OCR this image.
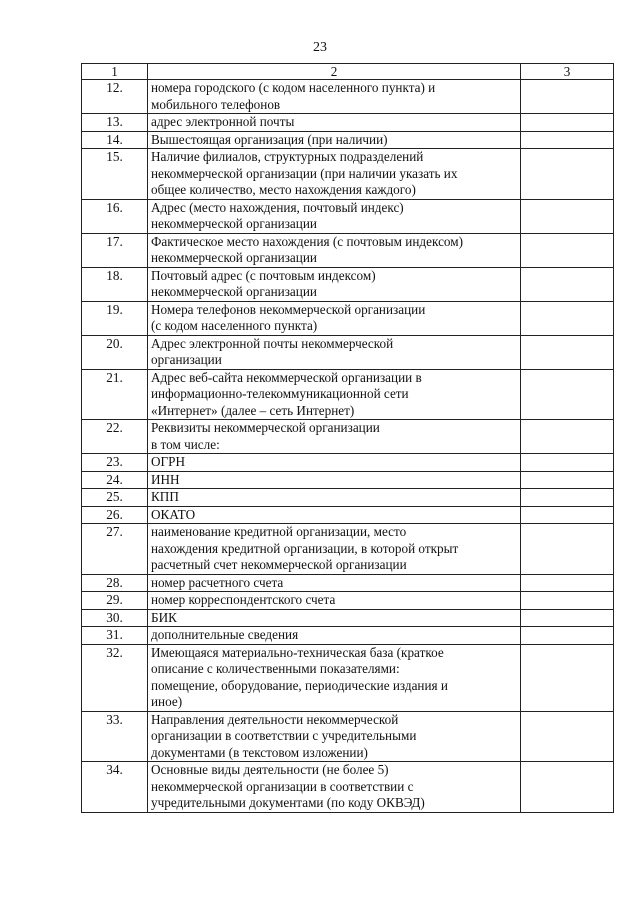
23
1	2	3
12.	номера городского (с кодом населенного пункта) и
мобильного телефонов	

13.	адрес электронной почты	

14.	Вышестоящая организация (при наличии)	

15.	Наличие филиалов, структурных подразделений
некоммерческой организации (при наличии указать их
общее количество, место нахождения каждого)	

16.	Адрес (место нахождения, почтовый индекс)
некоммерческой организации	

17.	Фактическое место нахождения (с почтовым индексом)
некоммерческой организации	

18.	Почтовый адрес (с почтовым индексом)
некоммерческой организации	

19.	Номера телефонов некоммерческой организации
(с кодом населенного пункта)	

20.	Адрес электронной почты некоммерческой
организации	

21.	Адрес веб-сайта некоммерческой организации в
информационно-телекоммуникационной сети
«Интернет» (далее – сеть Интернет)	

22.	Реквизиты некоммерческой организации
в том числе:	

23.	ОГРН	

24.	ИНН	

25.	КПП	

26.	ОКАТО	

27.	наименование кредитной организации, место
нахождения кредитной организации, в которой открыт
расчетный счет некоммерческой организации	

28.	номер расчетного счета	

29.	номер корреспондентского счета	

30.	БИК	

31.	дополнительные сведения	

32.	Имеющаяся материально-техническая база (краткое
описание с количественными показателями:
помещение, оборудование, периодические издания и
иное)	

33.	Направления деятельности некоммерческой
организации в соответствии с учредительными
документами (в текстовом изложении)	

34.	Основные виды деятельности (не более 5)
некоммерческой организации в соответствии с
учредительными документами (по коду ОКВЭД)	
